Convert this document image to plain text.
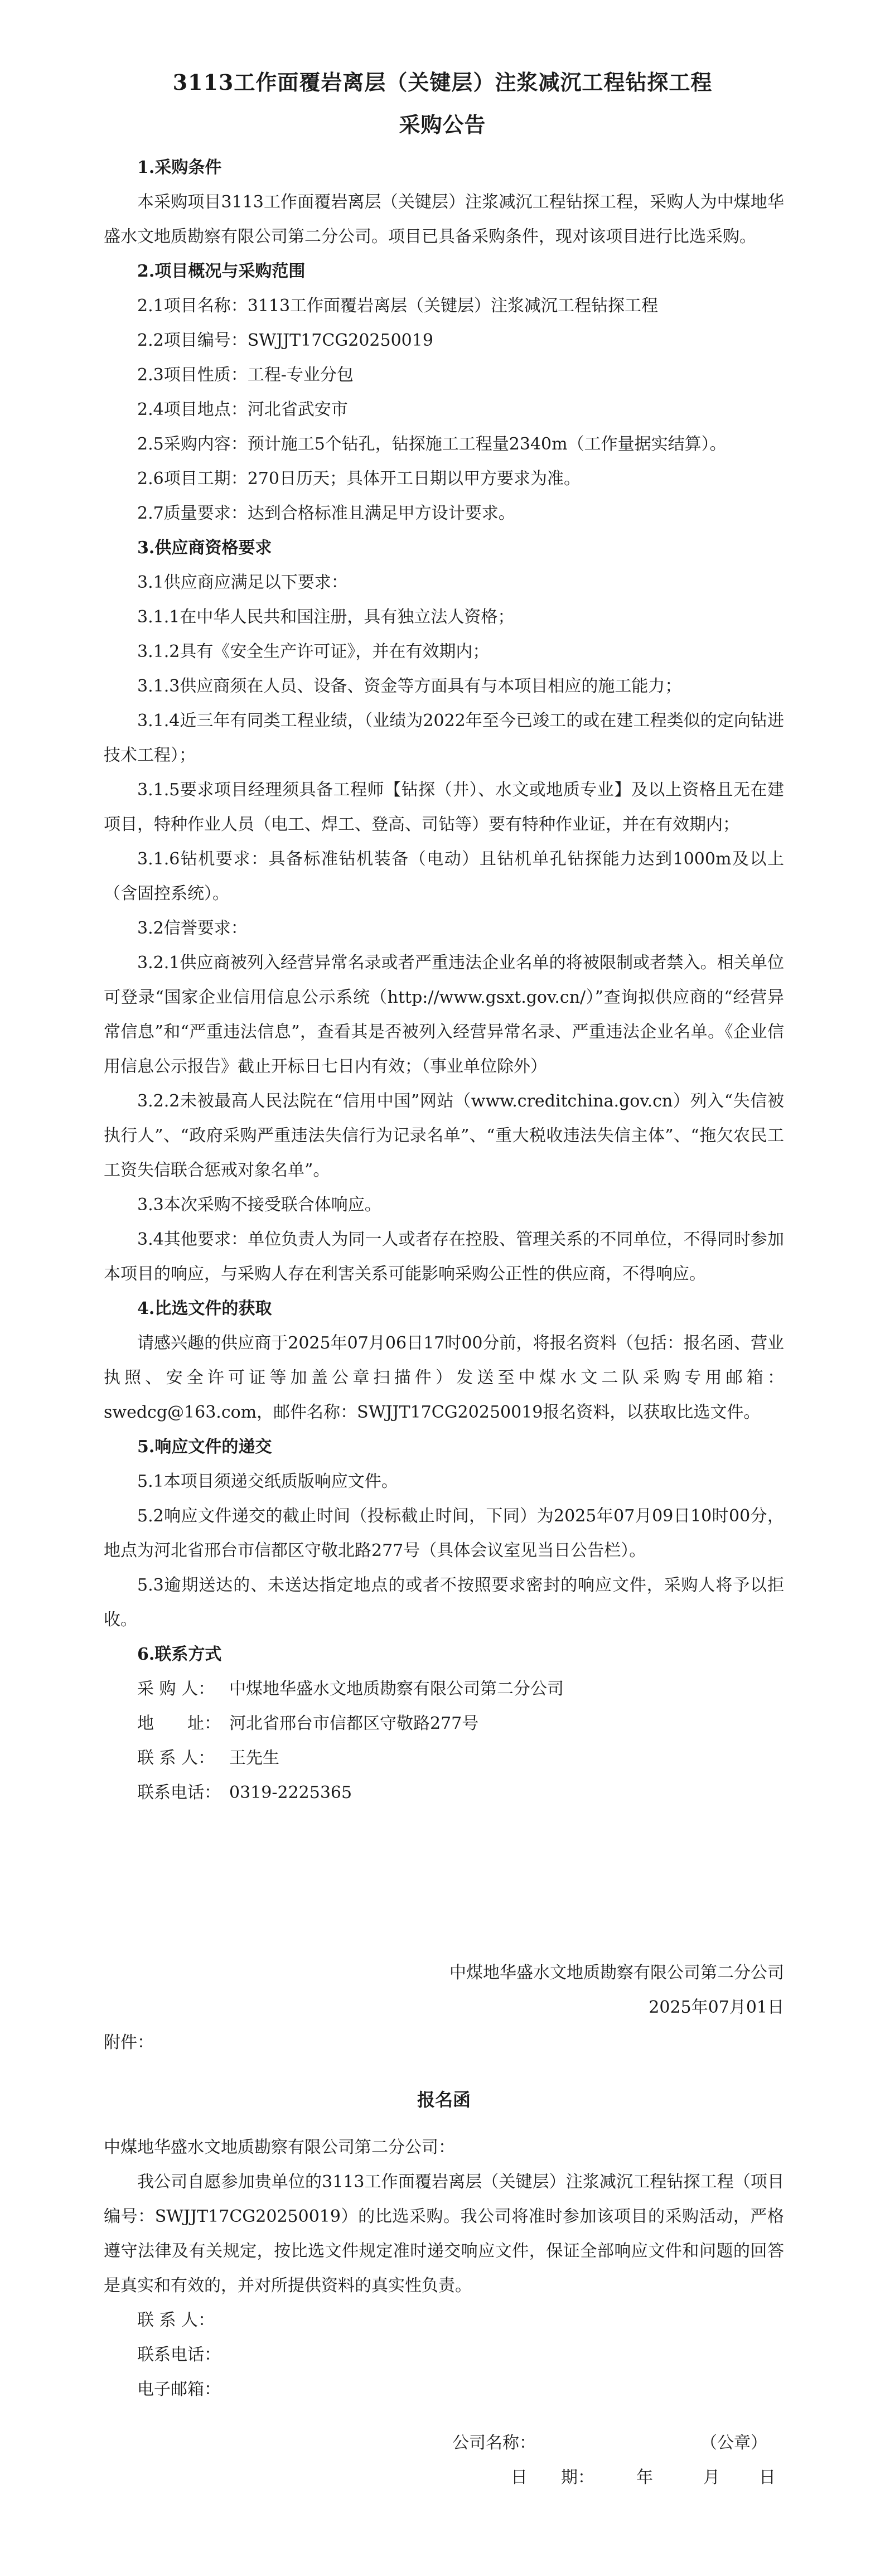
3113工作面覆岩离层（关键层）注浆减沉工程钻探工程
采购公告

1.采购条件

本采购项目3113工作面覆岩离层（关键层）注浆减沉工程钻探工程，采购人为中煤地华盛水文地质勘察有限公司第二分公司。项目已具备采购条件，现对该项目进行比选采购。

2.项目概况与采购范围

2.1项目名称：3113工作面覆岩离层（关键层）注浆减沉工程钻探工程

2.2项目编号：SWJJT17CG20250019

2.3项目性质：工程-专业分包

2.4项目地点：河北省武安市

2.5采购内容：预计施工5个钻孔，钻探施工工程量2340m（工作量据实结算）。

2.6项目工期：270日历天；具体开工日期以甲方要求为准。

2.7质量要求：达到合格标准且满足甲方设计要求。

3.供应商资格要求

3.1供应商应满足以下要求：

3.1.1在中华人民共和国注册，具有独立法人资格；

3.1.2具有《安全生产许可证》，并在有效期内；

3.1.3供应商须在人员、设备、资金等方面具有与本项目相应的施工能力；

3.1.4近三年有同类工程业绩，（业绩为2022年至今已竣工的或在建工程类似的定向钻进技术工程）；

3.1.5要求项目经理须具备工程师【钻探（井）、水文或地质专业】及以上资格且无在建项目，特种作业人员（电工、焊工、登高、司钻等）要有特种作业证，并在有效期内；

3.1.6钻机要求：具备标准钻机装备（电动）且钻机单孔钻探能力达到1000m及以上（含固控系统）。

3.2信誉要求：

3.2.1供应商被列入经营异常名录或者严重违法企业名单的将被限制或者禁入。相关单位可登录“国家企业信用信息公示系统（http://www.gsxt.gov.cn/）”查询拟供应商的“经营异常信息”和“严重违法信息”，查看其是否被列入经营异常名录、严重违法企业名单。《企业信用信息公示报告》截止开标日七日内有效；（事业单位除外）

3.2.2未被最高人民法院在“信用中国”网站（www.creditchina.gov.cn）列入“失信被执行人”、“政府采购严重违法失信行为记录名单”、“重大税收违法失信主体”、“拖欠农民工工资失信联合惩戒对象名单”。

3.3本次采购不接受联合体响应。

3.4其他要求：单位负责人为同一人或者存在控股、管理关系的不同单位，不得同时参加本项目的响应，与采购人存在利害关系可能影响采购公正性的供应商，不得响应。

4.比选文件的获取

请感兴趣的供应商于2025年07月06日17时00分前，将报名资料（包括：报名函、营业执照、安全许可证等加盖公章扫描件）发送至中煤水文二队采购专用邮箱：swedcg@163.com，邮件名称：SWJJT17CG20250019报名资料，以获取比选文件。

5.响应文件的递交

5.1本项目须递交纸质版响应文件。

5.2响应文件递交的截止时间（投标截止时间，下同）为2025年07月09日10时00分，地点为河北省邢台市信都区守敬北路277号（具体会议室见当日公告栏）。

5.3逾期送达的、未送达指定地点的或者不按照要求密封的响应文件，采购人将予以拒收。

6.联系方式

采 购 人： 中煤地华盛水文地质勘察有限公司第二分公司

地　　址： 河北省邢台市信都区守敬路277号

联 系 人： 王先生

联系电话： 0319-2225365

中煤地华盛水文地质勘察有限公司第二分公司
2025年07月01日

附件：

报名函

中煤地华盛水文地质勘察有限公司第二分公司：

我公司自愿参加贵单位的3113工作面覆岩离层（关键层）注浆减沉工程钻探工程（项目编号：SWJJT17CG20250019）的比选采购。我公司将准时参加该项目的采购活动，严格遵守法律及有关规定，按比选文件规定准时递交响应文件，保证全部响应文件和问题的回答是真实和有效的，并对所提供资料的真实性负责。

联 系 人：

联系电话：

电子邮箱：

公司名称：	（公章）
日　　期：	年	月 日
